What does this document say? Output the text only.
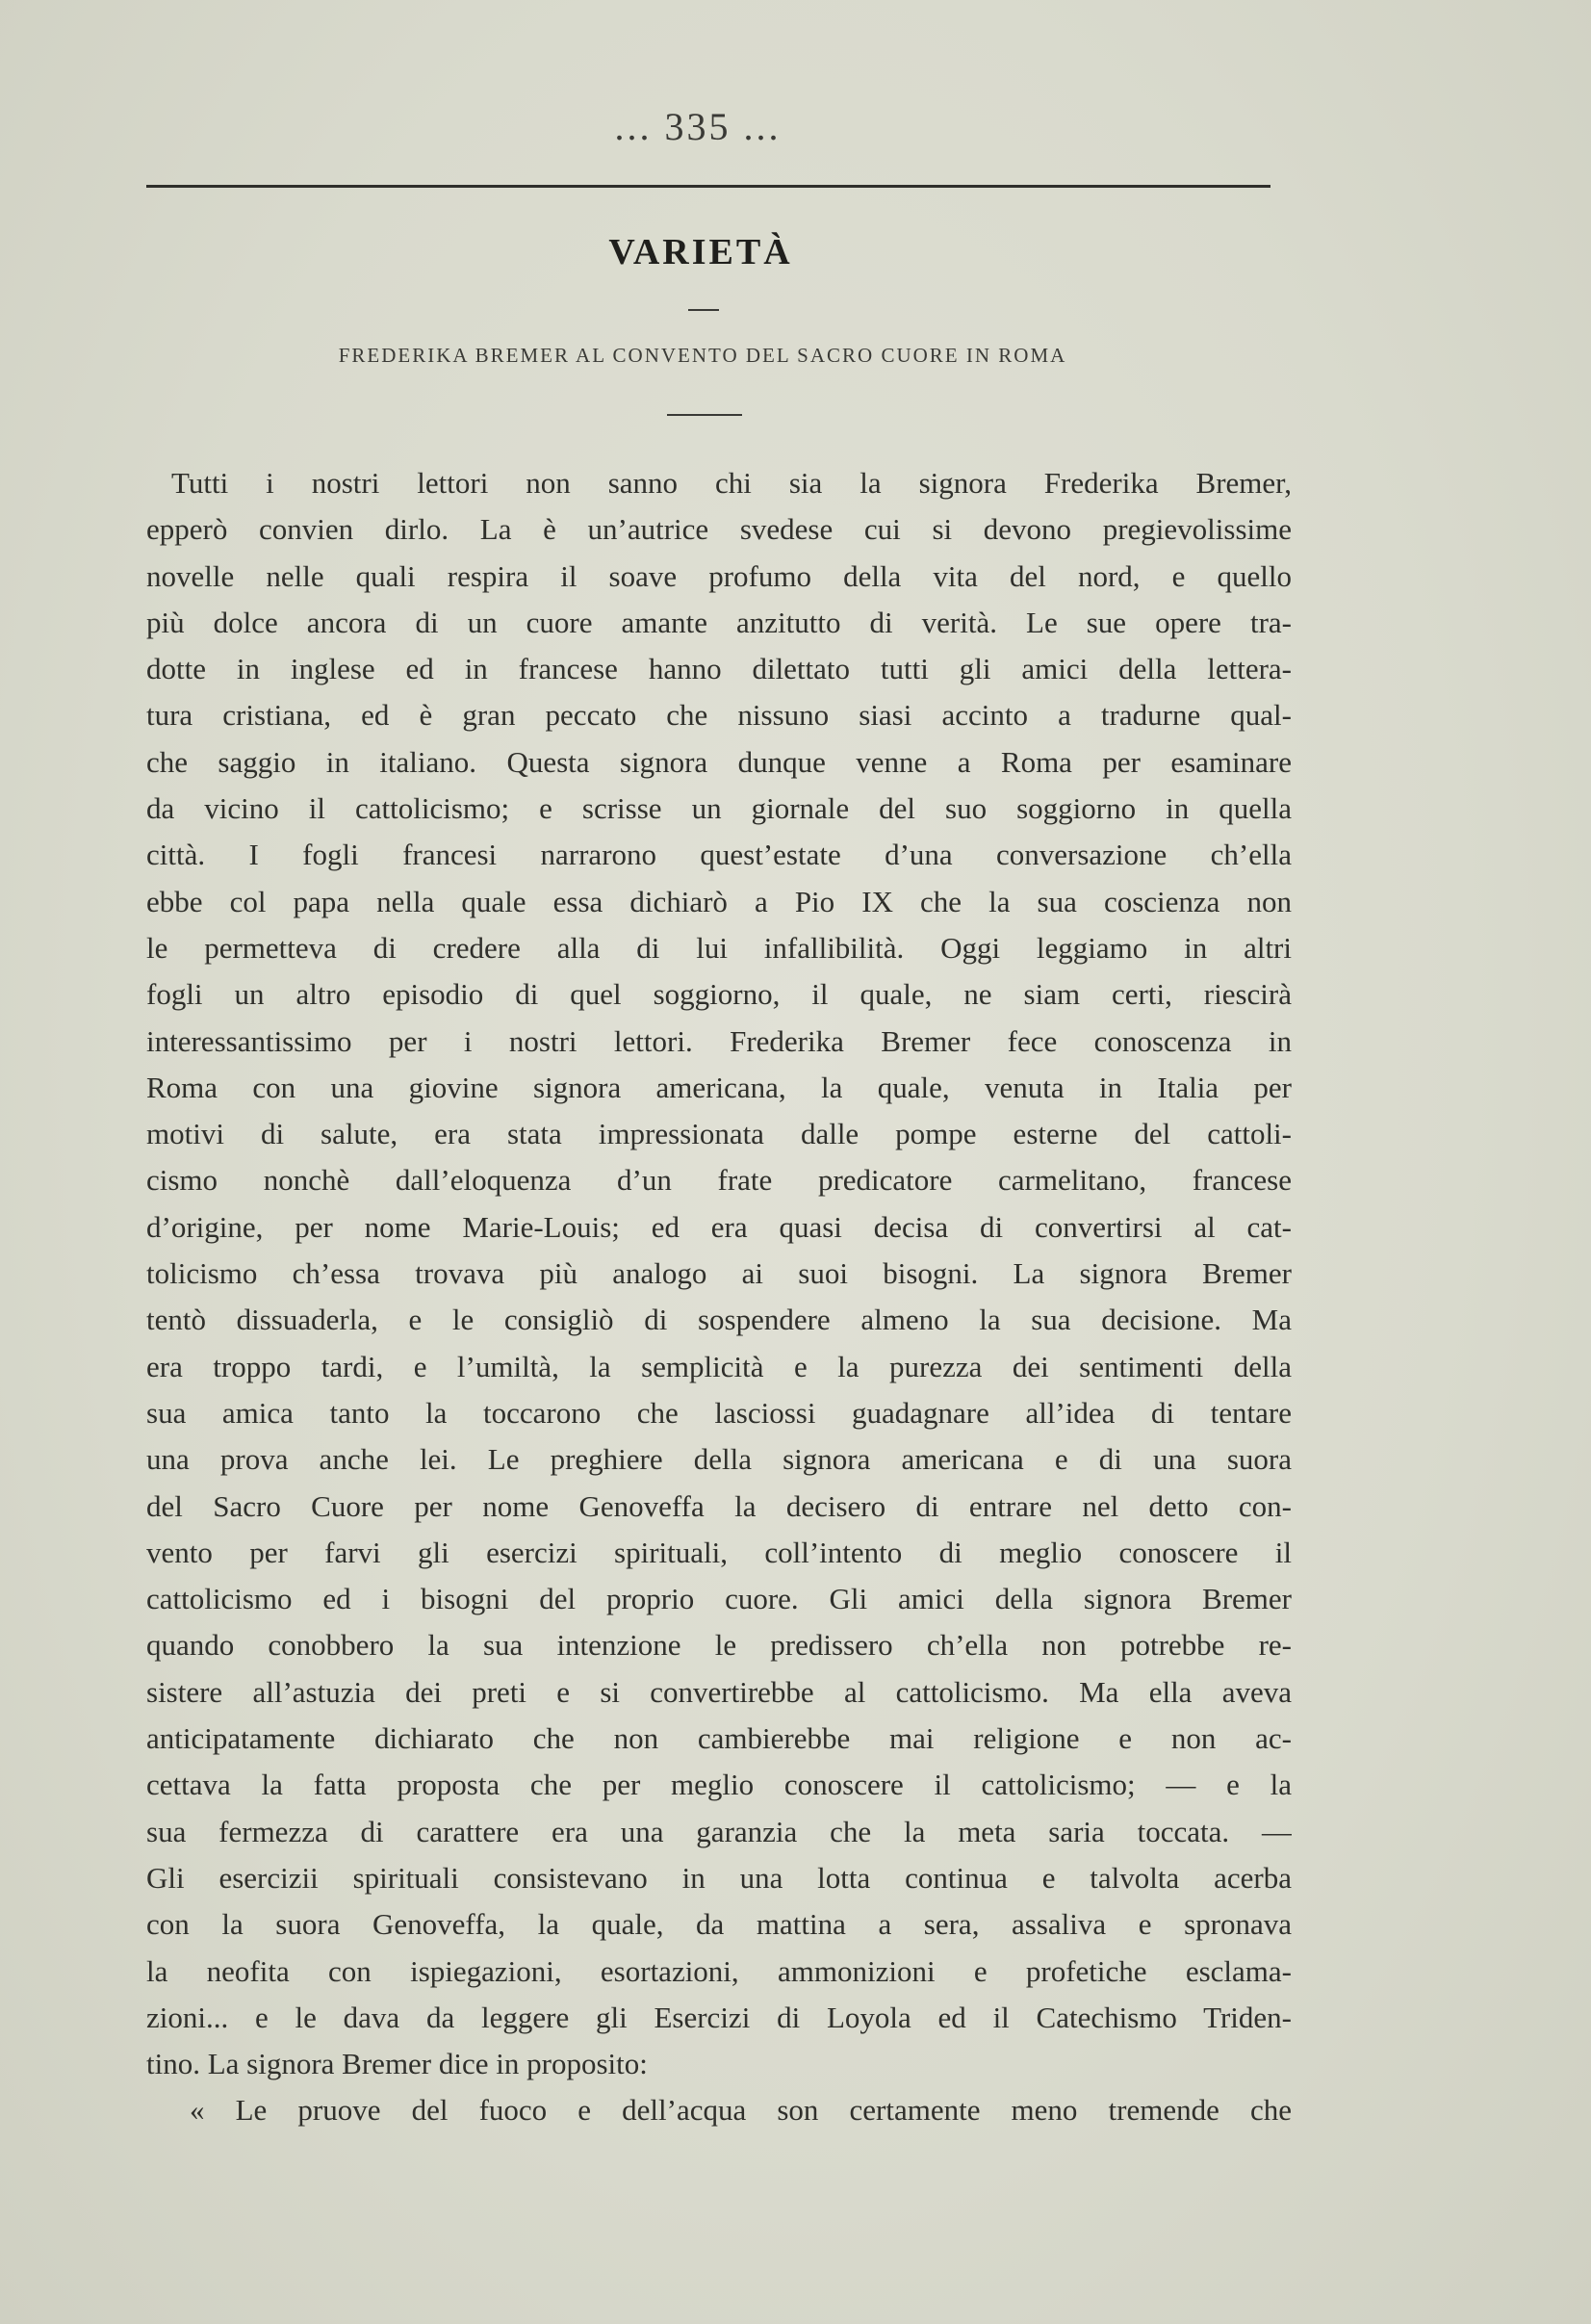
... 335 ...
VARIETÀ
FREDERIKA BREMER AL CONVENTO DEL SACRO CUORE IN ROMA
Tutti i nostri lettori non sanno chi sia la signora Frederika Bremer,
epperò convien dirlo. La è un’autrice svedese cui si devono pregievolissime
novelle nelle quali respira il soave profumo della vita del nord, e quello
più dolce ancora di un cuore amante anzitutto di verità. Le sue opere tra-
dotte in inglese ed in francese hanno dilettato tutti gli amici della lettera-
tura cristiana, ed è gran peccato che nissuno siasi accinto a tradurne qual-
che saggio in italiano. Questa signora dunque venne a Roma per esaminare
da vicino il cattolicismo; e scrisse un giornale del suo soggiorno in quella
città. I fogli francesi narrarono quest’estate d’una conversazione ch’ella
ebbe col papa nella quale essa dichiarò a Pio IX che la sua coscienza non
le permetteva di credere alla di lui infallibilità. Oggi leggiamo in altri
fogli un altro episodio di quel soggiorno, il quale, ne siam certi, riescirà
interessantissimo per i nostri lettori. Frederika Bremer fece conoscenza in
Roma con una giovine signora americana, la quale, venuta in Italia per
motivi di salute, era stata impressionata dalle pompe esterne del cattoli-
cismo nonchè dall’eloquenza d’un frate predicatore carmelitano, francese
d’origine, per nome Marie-Louis; ed era quasi decisa di convertirsi al cat-
tolicismo ch’essa trovava più analogo ai suoi bisogni. La signora Bremer
tentò dissuaderla, e le consigliò di sospendere almeno la sua decisione. Ma
era troppo tardi, e l’umiltà, la semplicità e la purezza dei sentimenti della
sua amica tanto la toccarono che lasciossi guadagnare all’idea di tentare
una prova anche lei. Le preghiere della signora americana e di una suora
del Sacro Cuore per nome Genoveffa la decisero di entrare nel detto con-
vento per farvi gli esercizi spirituali, coll’intento di meglio conoscere il
cattolicismo ed i bisogni del proprio cuore. Gli amici della signora Bremer
quando conobbero la sua intenzione le predissero ch’ella non potrebbe re-
sistere all’astuzia dei preti e si convertirebbe al cattolicismo. Ma ella aveva
anticipatamente dichiarato che non cambierebbe mai religione e non ac-
cettava la fatta proposta che per meglio conoscere il cattolicismo; — e la
sua fermezza di carattere era una garanzia che la meta saria toccata. —
Gli esercizii spirituali consistevano in una lotta continua e talvolta acerba
con la suora Genoveffa, la quale, da mattina a sera, assaliva e spronava
la neofita con ispiegazioni, esortazioni, ammonizioni e profetiche esclama-
zioni... e le dava da leggere gli Esercizi di Loyola ed il Catechismo Triden-
tino. La signora Bremer dice in proposito:
« Le pruove del fuoco e dell’acqua son certamente meno tremende che
